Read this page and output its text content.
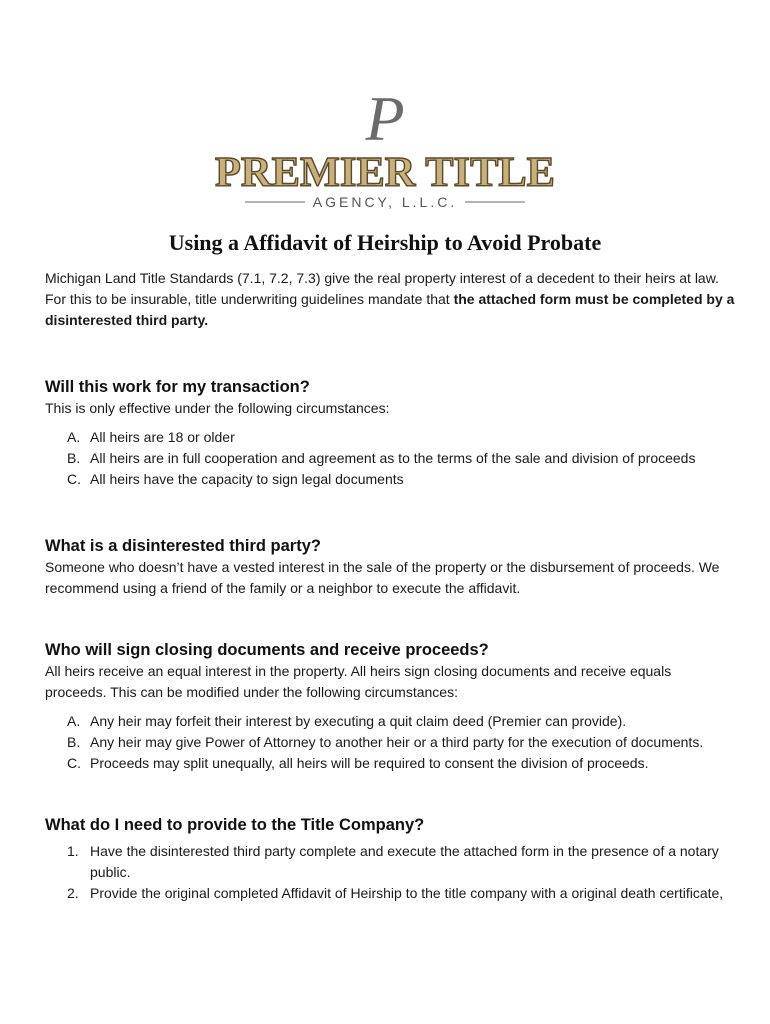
P
PREMIER TITLE
AGENCY, L.L.C.
Using a Affidavit of Heirship to Avoid Probate

Michigan Land Title Standards (7.1, 7.2, 7.3) give the real property interest of a decedent to their heirs at law. For this to be insurable, title underwriting guidelines mandate that the attached form must be completed by a disinterested third party.

Will this work for my transaction?

This is only effective under the following circumstances:

A. All heirs are 18 or older
B. All heirs are in full cooperation and agreement as to the terms of the sale and division of proceeds
C. All heirs have the capacity to sign legal documents
What is a disinterested third party?

Someone who doesn’t have a vested interest in the sale of the property or the disbursement of proceeds. We recommend using a friend of the family or a neighbor to execute the affidavit.

Who will sign closing documents and receive proceeds?

All heirs receive an equal interest in the property. All heirs sign closing documents and receive equals proceeds. This can be modified under the following circumstances:

A. Any heir may forfeit their interest by executing a quit claim deed (Premier can provide).
B. Any heir may give Power of Attorney to another heir or a third party for the execution of documents.
C. Proceeds may split unequally, all heirs will be required to consent the division of proceeds.
What do I need to provide to the Title Company?
1. Have the disinterested third party complete and execute the attached form in the presence of a notary public.
2. Provide the original completed Affidavit of Heirship to the title company with a original death certificate,
